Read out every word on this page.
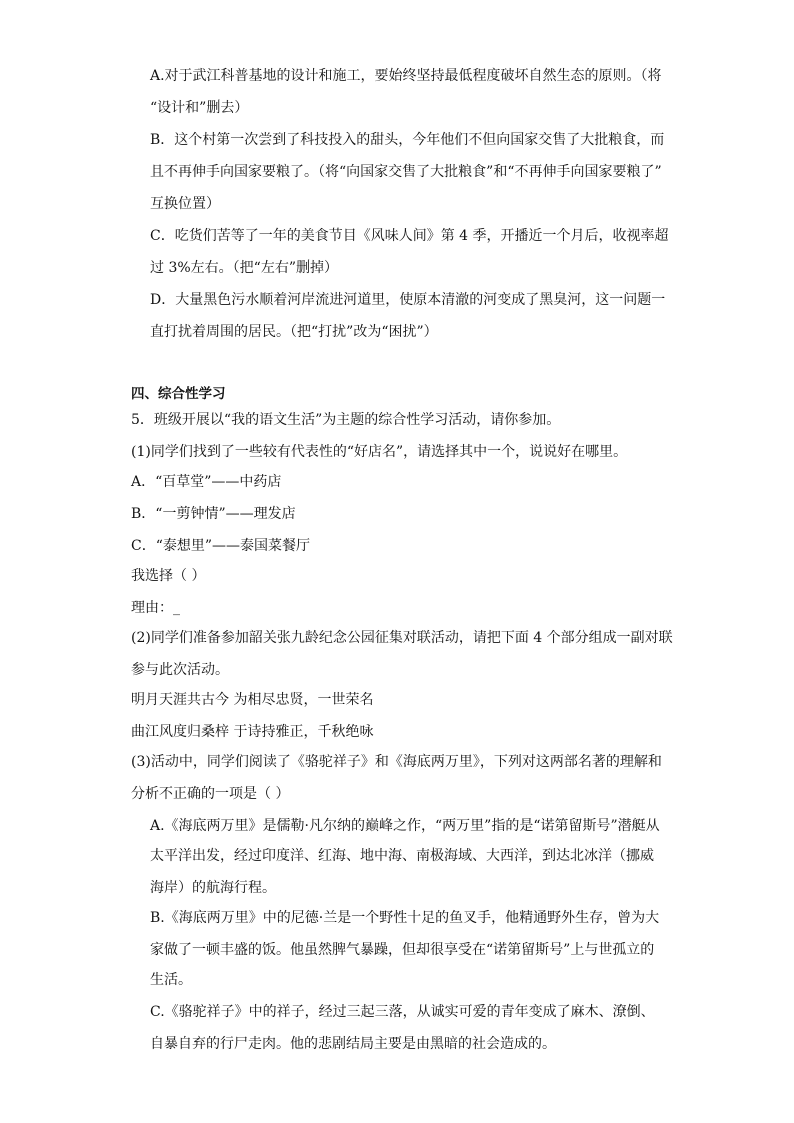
A.对于武江科普基地的设计和施工，要始终坚持最低程度破坏自然生态的原则。（将
“设计和”删去）
B．这个村第一次尝到了科技投入的甜头，今年他们不但向国家交售了大批粮食，而
且不再伸手向国家要粮了。（将“向国家交售了大批粮食”和“不再伸手向国家要粮了”
互换位置）
C．吃货们苦等了一年的美食节目《风味人间》第 4 季，开播近一个月后，收视率超
过 3%左右。（把“左右”删掉）
D．大量黑色污水顺着河岸流进河道里，使原本清澈的河变成了黑臭河，这一问题一
直打扰着周围的居民。（把“打扰”改为“困扰”）
四、综合性学习
5．班级开展以“我的语文生活”为主题的综合性学习活动，请你参加。
(1)同学们找到了一些较有代表性的“好店名”，请选择其中一个，说说好在哪里。
A．“百草堂”——中药店
B．“一剪钟情”——理发店
C．“泰想里”——泰国菜餐厅
我选择（ ）
理由：_
(2)同学们准备参加韶关张九龄纪念公园征集对联活动，请把下面 4 个部分组成一副对联
参与此次活动。
明月天涯共古今 为相尽忠贤，一世荣名
曲江风度归桑梓 于诗持雅正，千秋绝咏
(3)活动中，同学们阅读了《骆驼祥子》和《海底两万里》，下列对这两部名著的理解和
分析不正确的一项是（ ）
A.《海底两万里》是儒勒·凡尔纳的巅峰之作，“两万里”指的是“诺第留斯号”潜艇从
太平洋出发，经过印度洋、红海、地中海、南极海域、大西洋，到达北冰洋（挪威
海岸）的航海行程。
B.《海底两万里》中的尼德·兰是一个野性十足的鱼叉手，他精通野外生存，曾为大
家做了一顿丰盛的饭。他虽然脾气暴躁，但却很享受在“诺第留斯号”上与世孤立的
生活。
C.《骆驼祥子》中的祥子，经过三起三落，从诚实可爱的青年变成了麻木、潦倒、
自暴自弃的行尸走肉。他的悲剧结局主要是由黑暗的社会造成的。
